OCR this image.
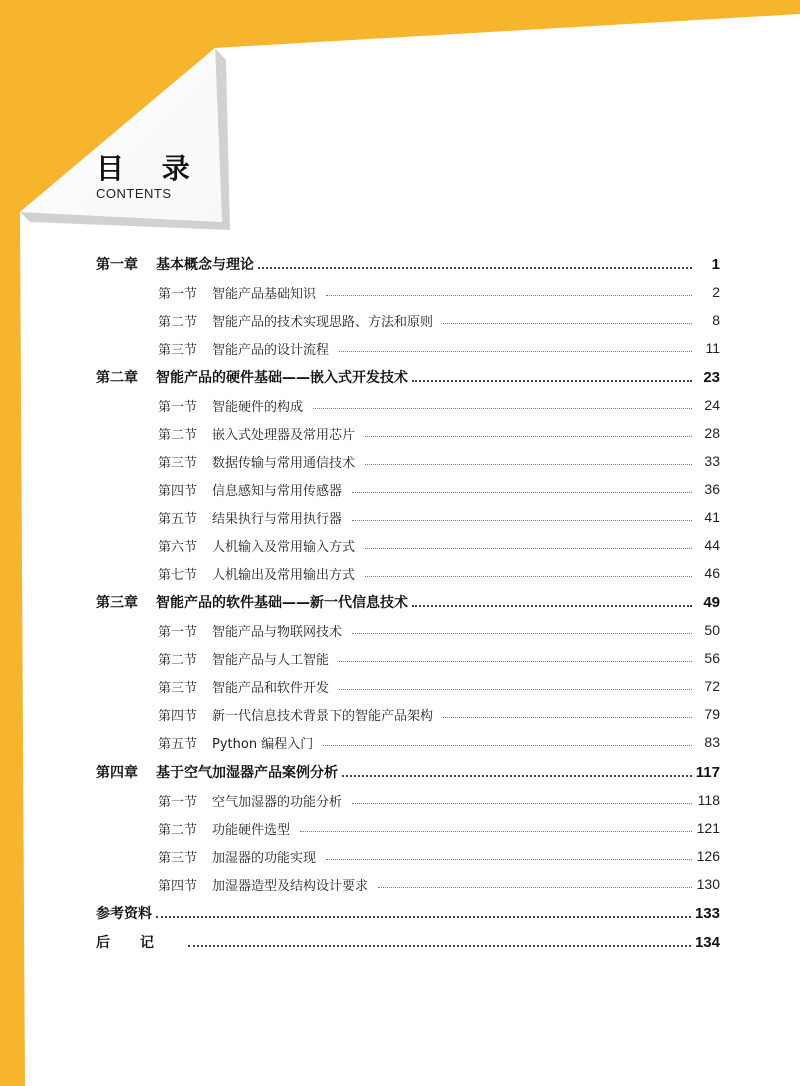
目 录
CONTENTS
第一章	基本概念与理论	1
第一节	智能产品基础知识	2
第二节	智能产品的技术实现思路、方法和原则	8
第三节	智能产品的设计流程	11
第二章	智能产品的硬件基础——嵌入式开发技术	23
第一节	智能硬件的构成	24
第二节	嵌入式处理器及常用芯片	28
第三节	数据传输与常用通信技术	33
第四节	信息感知与常用传感器	36
第五节	结果执行与常用执行器	41
第六节	人机输入及常用输入方式	44
第七节	人机输出及常用输出方式	46
第三章	智能产品的软件基础——新一代信息技术	49
第一节	智能产品与物联网技术	50
第二节	智能产品与人工智能	56
第三节	智能产品和软件开发	72
第四节	新一代信息技术背景下的智能产品架构	79
第五节	Python 编程入门	83
第四章	基于空气加湿器产品案例分析	117
第一节	空气加湿器的功能分析	118
第二节	功能硬件选型	121
第三节	加湿器的功能实现	126
第四节	加湿器造型及结构设计要求	130
参考资料	133
后记	134
